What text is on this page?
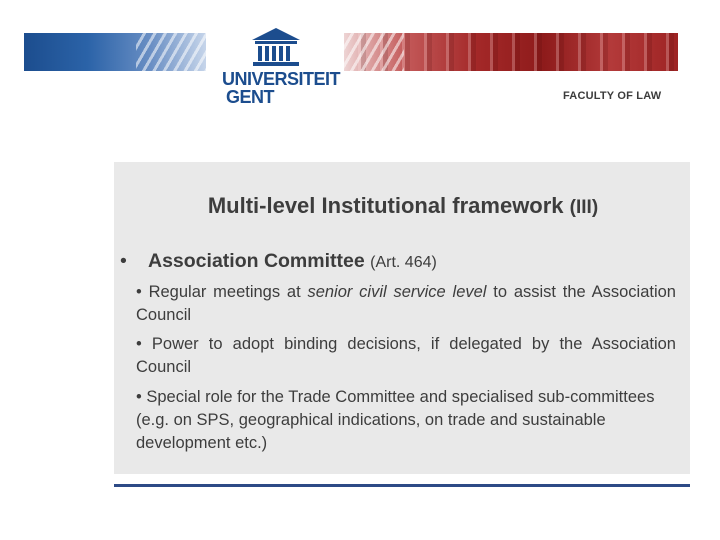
UNIVERSITEIT
GENT	FACULTY OF LAW
Multi-level Institutional framework (III)
• Association Committee (Art. 464)
• Regular meetings at senior civil service level to assist the Association Council
• Power to adopt binding decisions, if delegated by the Association Council
• Special role for the Trade Committee and specialised sub-committees (e.g. on SPS, geographical indications, on trade and sustainable development etc.)
